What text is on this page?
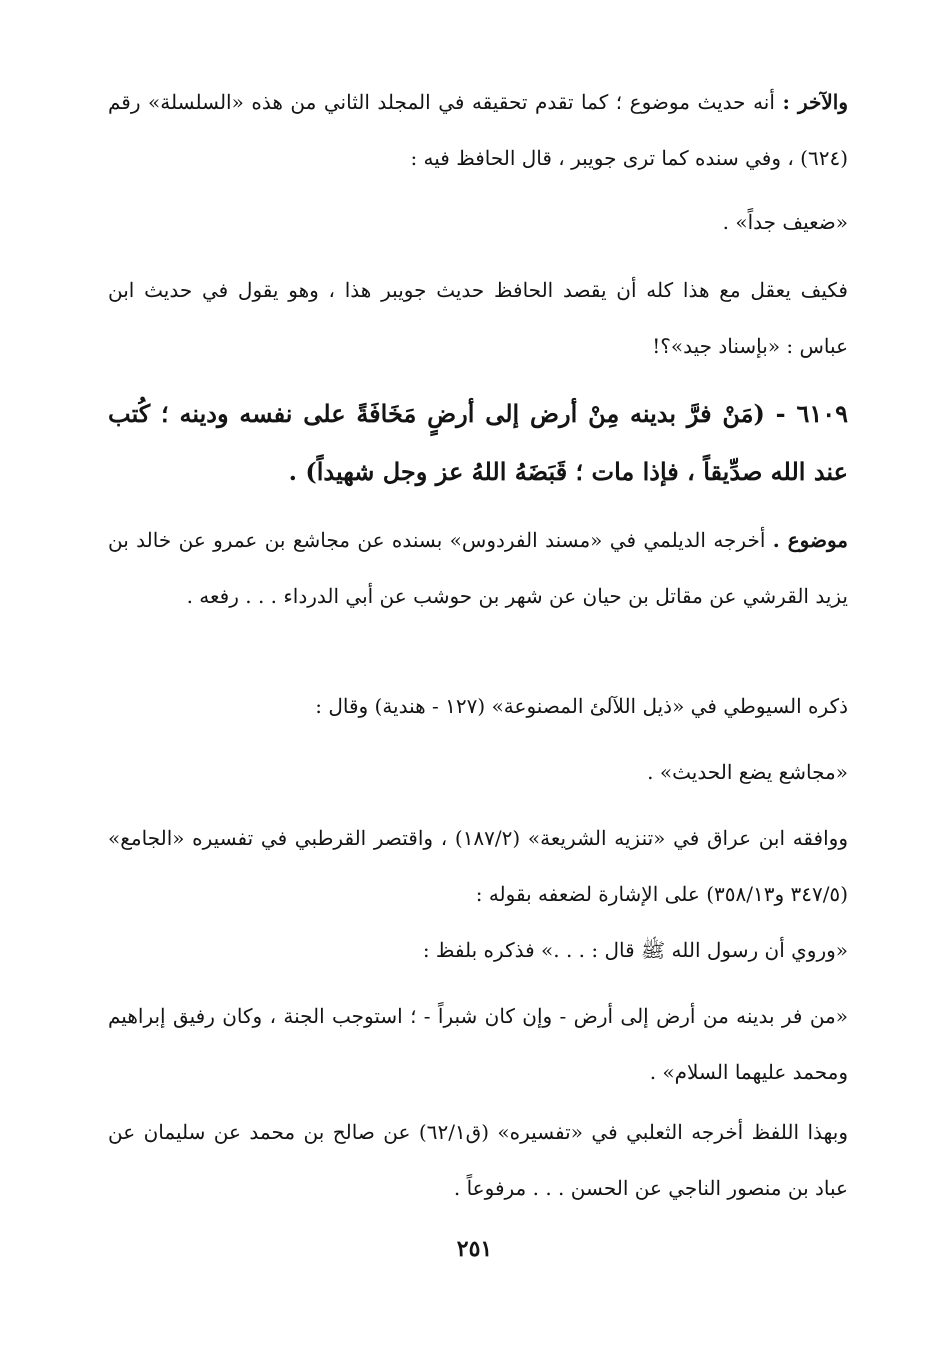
والآخر : أنه حديث موضوع ؛ كما تقدم تحقيقه في المجلد الثاني من هذه «السلسلة» رقم (٦٢٤) ، وفي سنده كما ترى جويبر ، قال الحافظ فيه :

«ضعيف جداً» .

فكيف يعقل مع هذا كله أن يقصد الحافظ حديث جويبر هذا ، وهو يقول في حديث ابن عباس : «بإسناد جيد»؟!

٦١٠٩ - (مَنْ فرَّ بدينه مِنْ أرض إلى أرضٍ مَخَافَةً على نفسه ودينه ؛ كُتب عند الله صدِّيقاً ، فإذا مات ؛ قَبَضَهُ اللهُ عز وجل شهيداً) .

موضوع . أخرجه الديلمي في «مسند الفردوس» بسنده عن مجاشع بن عمرو عن خالد بن يزيد القرشي عن مقاتل بن حيان عن شهر بن حوشب عن أبي الدرداء . . . رفعه .

ذكره السيوطي في «ذيل اللآلئ المصنوعة» (١٢٧ - هندية) وقال :

«مجاشع يضع الحديث» .

ووافقه ابن عراق في «تنزيه الشريعة» (١٨٧/٢) ، واقتصر القرطبي في تفسيره «الجامع» (٣٤٧/٥ و٣٥٨/١٣) على الإشارة لضعفه بقوله :

«وروي أن رسول الله ﷺ قال : . . .» فذكره بلفظ :

«من فر بدينه من أرض إلى أرض - وإن كان شبراً - ؛ استوجب الجنة ، وكان رفيق إبراهيم ومحمد عليهما السلام» .

وبهذا اللفظ أخرجه الثعلبي في «تفسيره» (ق٦٢/١) عن صالح بن محمد عن سليمان عن عباد بن منصور الناجي عن الحسن . . . مرفوعاً .

٢٥١
